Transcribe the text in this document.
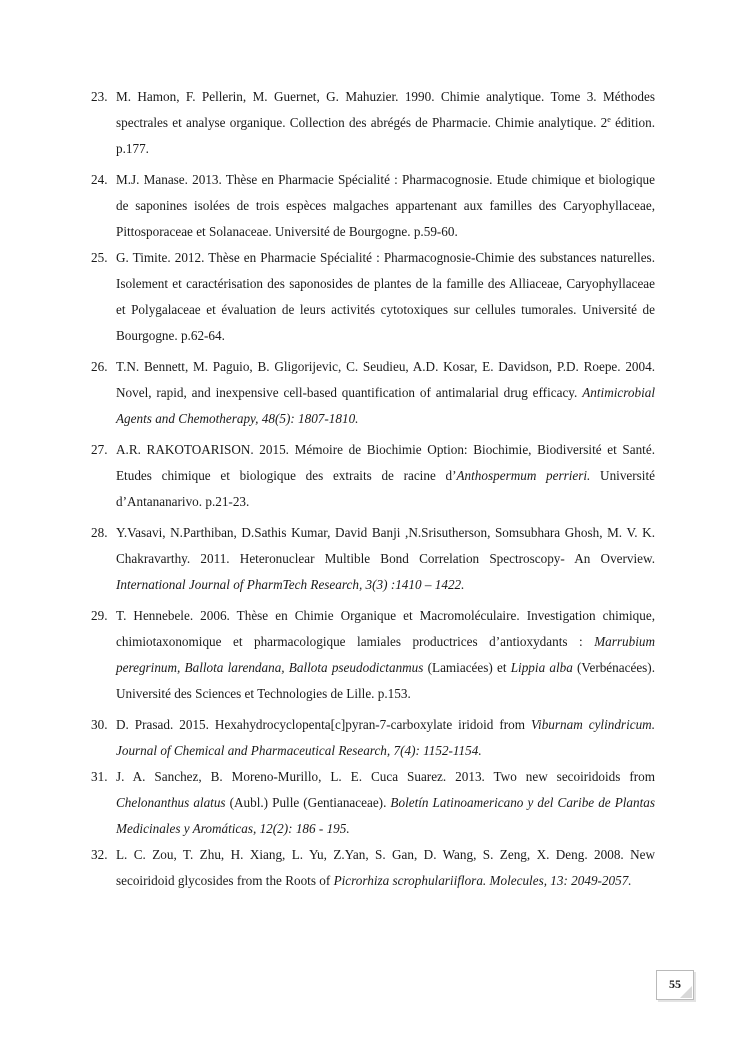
23. M. Hamon, F. Pellerin, M. Guernet, G. Mahuzier. 1990. Chimie analytique. Tome 3. Méthodes spectrales et analyse organique. Collection des abrégés de Pharmacie. Chimie analytique. 2e édition. p.177.
24. M.J. Manase. 2013. Thèse en Pharmacie Spécialité : Pharmacognosie. Etude chimique et biologique de saponines isolées de trois espèces malgaches appartenant aux familles des Caryophyllaceae, Pittosporaceae et Solanaceae. Université de Bourgogne. p.59-60.
25. G. Timite. 2012. Thèse en Pharmacie Spécialité : Pharmacognosie-Chimie des substances naturelles. Isolement et caractérisation des saponosides de plantes de la famille des Alliaceae, Caryophyllaceae et Polygalaceae et évaluation de leurs activités cytotoxiques sur cellules tumorales. Université de Bourgogne. p.62-64.
26. T.N. Bennett, M. Paguio, B. Gligorijevic, C. Seudieu, A.D. Kosar, E. Davidson, P.D. Roepe. 2004. Novel, rapid, and inexpensive cell-based quantification of antimalarial drug efficacy. Antimicrobial Agents and Chemotherapy, 48(5): 1807-1810.
27. A.R. RAKOTOARISON. 2015. Mémoire de Biochimie Option: Biochimie, Biodiversité et Santé. Etudes chimique et biologique des extraits de racine d’Anthospermum perrieri. Université d’Antananarivo. p.21-23.
28. Y.Vasavi, N.Parthiban, D.Sathis Kumar, David Banji ,N.Srisutherson, Somsubhara Ghosh, M. V. K. Chakravarthy. 2011. Heteronuclear Multible Bond Correlation Spectroscopy- An Overview. International Journal of PharmTech Research, 3(3) :1410 – 1422.
29. T. Hennebele. 2006. Thèse en Chimie Organique et Macromoléculaire. Investigation chimique, chimiotaxonomique et pharmacologique lamiales productrices d’antioxydants : Marrubium peregrinum, Ballota larendana, Ballota pseudodictanmus (Lamiacées) et Lippia alba (Verbénacées). Université des Sciences et Technologies de Lille. p.153.
30. D. Prasad. 2015. Hexahydrocyclopenta[c]pyran-7-carboxylate iridoid from Viburnam cylindricum. Journal of Chemical and Pharmaceutical Research, 7(4): 1152-1154.
31. J. A. Sanchez, B. Moreno-Murillo, L. E. Cuca Suarez. 2013. Two new secoiridoids from Chelonanthus alatus (Aubl.) Pulle (Gentianaceae). Boletín Latinoamericano y del Caribe de Plantas Medicinales y Aromáticas, 12(2): 186 - 195.
32. L. C. Zou, T. Zhu, H. Xiang, L. Yu, Z.Yan, S. Gan, D. Wang, S. Zeng, X. Deng. 2008. New secoiridoid glycosides from the Roots of Picrorhiza scrophulariiflora. Molecules, 13: 2049-2057.
55
